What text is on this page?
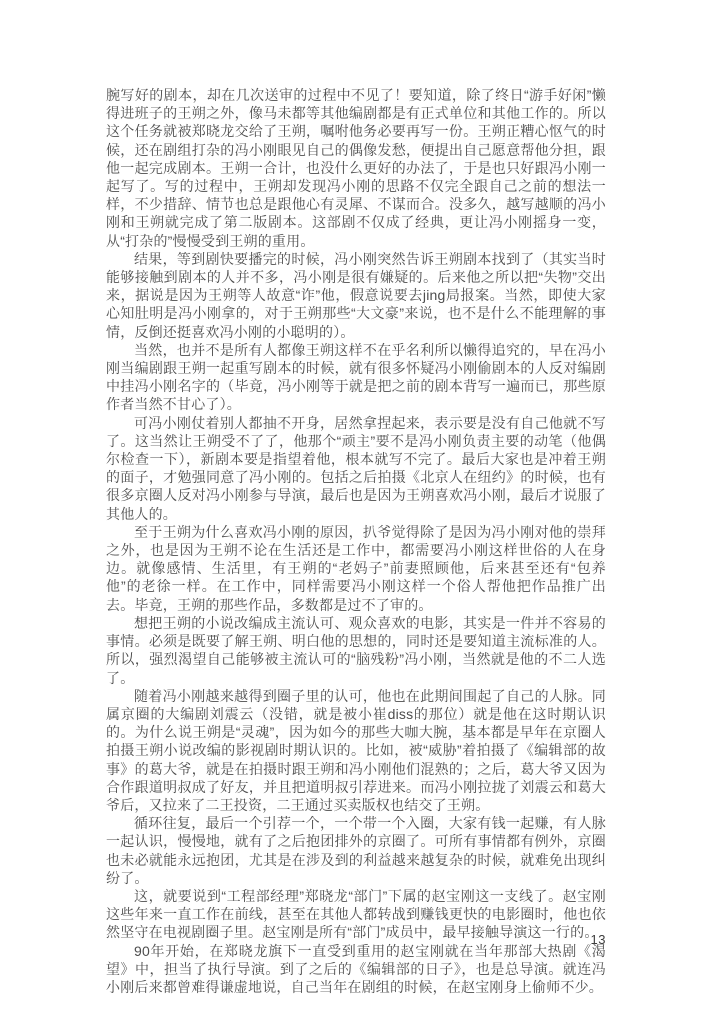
腕写好的剧本，却在几次送审的过程中不见了！要知道，除了终日“游手好闲”懒得进班子的王朔之外，像马未都等其他编剧都是有正式单位和其他工作的。所以这个任务就被郑晓龙交给了王朔，嘱咐他务必要再写一份。王朔正糟心怄气的时候，还在剧组打杂的冯小刚眼见自己的偶像发愁，便提出自己愿意帮他分担，跟他一起完成剧本。王朔一合计，也没什么更好的办法了，于是也只好跟冯小刚一起写了。写的过程中，王朔却发现冯小刚的思路不仅完全跟自己之前的想法一样，不少措辞、情节也总是跟他心有灵犀、不谋而合。没多久，越写越顺的冯小刚和王朔就完成了第二版剧本。这部剧不仅成了经典，更让冯小刚摇身一变，从“打杂的”慢慢受到王朔的重用。

结果，等到剧快要播完的时候，冯小刚突然告诉王朔剧本找到了（其实当时能够接触到剧本的人并不多，冯小刚是很有嫌疑的。后来他之所以把“失物”交出来，据说是因为王朔等人故意“诈”他，假意说要去jing局报案。当然，即使大家心知肚明是冯小刚拿的，对于王朔那些“大文豪”来说，也不是什么不能理解的事情，反倒还挺喜欢冯小刚的小聪明的）。

当然，也并不是所有人都像王朔这样不在乎名利所以懒得追究的，早在冯小刚当编剧跟王朔一起重写剧本的时候，就有很多怀疑冯小刚偷剧本的人反对编剧中挂冯小刚名字的（毕竟，冯小刚等于就是把之前的剧本背写一遍而已，那些原作者当然不甘心了）。

可冯小刚仗着别人都抽不开身，居然拿捏起来，表示要是没有自己他就不写了。这当然让王朔受不了了，他那个“顽主”要不是冯小刚负责主要的动笔（他偶尔检查一下），新剧本要是指望着他，根本就写不完了。最后大家也是冲着王朔的面子，才勉强同意了冯小刚的。包括之后拍摄《北京人在纽约》的时候，也有很多京圈人反对冯小刚参与导演，最后也是因为王朔喜欢冯小刚，最后才说服了其他人的。

至于王朔为什么喜欢冯小刚的原因，扒爷觉得除了是因为冯小刚对他的崇拜之外，也是因为王朔不论在生活还是工作中，都需要冯小刚这样世俗的人在身边。就像感情、生活里，有王朔的“老妈子”前妻照顾他，后来甚至还有“包养他”的老徐一样。在工作中，同样需要冯小刚这样一个俗人帮他把作品推广出去。毕竟，王朔的那些作品，多数都是过不了审的。

想把王朔的小说改编成主流认可、观众喜欢的电影，其实是一件并不容易的事情。必须是既要了解王朔、明白他的思想的，同时还是要知道主流标准的人。所以，强烈渴望自己能够被主流认可的“脑残粉”冯小刚，当然就是他的不二人选了。

随着冯小刚越来越得到圈子里的认可，他也在此期间围起了自己的人脉。同属京圈的大编剧刘震云（没错，就是被小崔diss的那位）就是他在这时期认识的。为什么说王朔是“灵魂”，因为如今的那些大咖大腕，基本都是早年在京圈人拍摄王朔小说改编的影视剧时期认识的。比如，被“威胁”着拍摄了《编辑部的故事》的葛大爷，就是在拍摄时跟王朔和冯小刚他们混熟的；之后，葛大爷又因为合作跟道明叔成了好友，并且把道明叔引荐进来。而冯小刚拉拢了刘震云和葛大爷后，又拉来了二王投资，二王通过买卖版权也结交了王朔。

循环往复，最后一个引荐一个，一个带一个入圈，大家有钱一起赚，有人脉一起认识，慢慢地，就有了之后抱团排外的京圈了。可所有事情都有例外，京圈也未必就能永远抱团，尤其是在涉及到的利益越来越复杂的时候，就难免出现纠纷了。

这，就要说到“工程部经理”郑晓龙“部门”下属的赵宝刚这一支线了。赵宝刚这些年来一直工作在前线，甚至在其他人都转战到赚钱更快的电影圈时，他也依然坚守在电视剧圈子里。赵宝刚是所有“部门”成员中，最早接触导演这一行的。

90年开始，在郑晓龙旗下一直受到重用的赵宝刚就在当年那部大热剧《渴望》中，担当了执行导演。到了之后的《编辑部的日子》，也是总导演。就连冯小刚后来都曾难得谦虚地说，自己当年在剧组的时候，在赵宝刚身上偷师不少。

13
